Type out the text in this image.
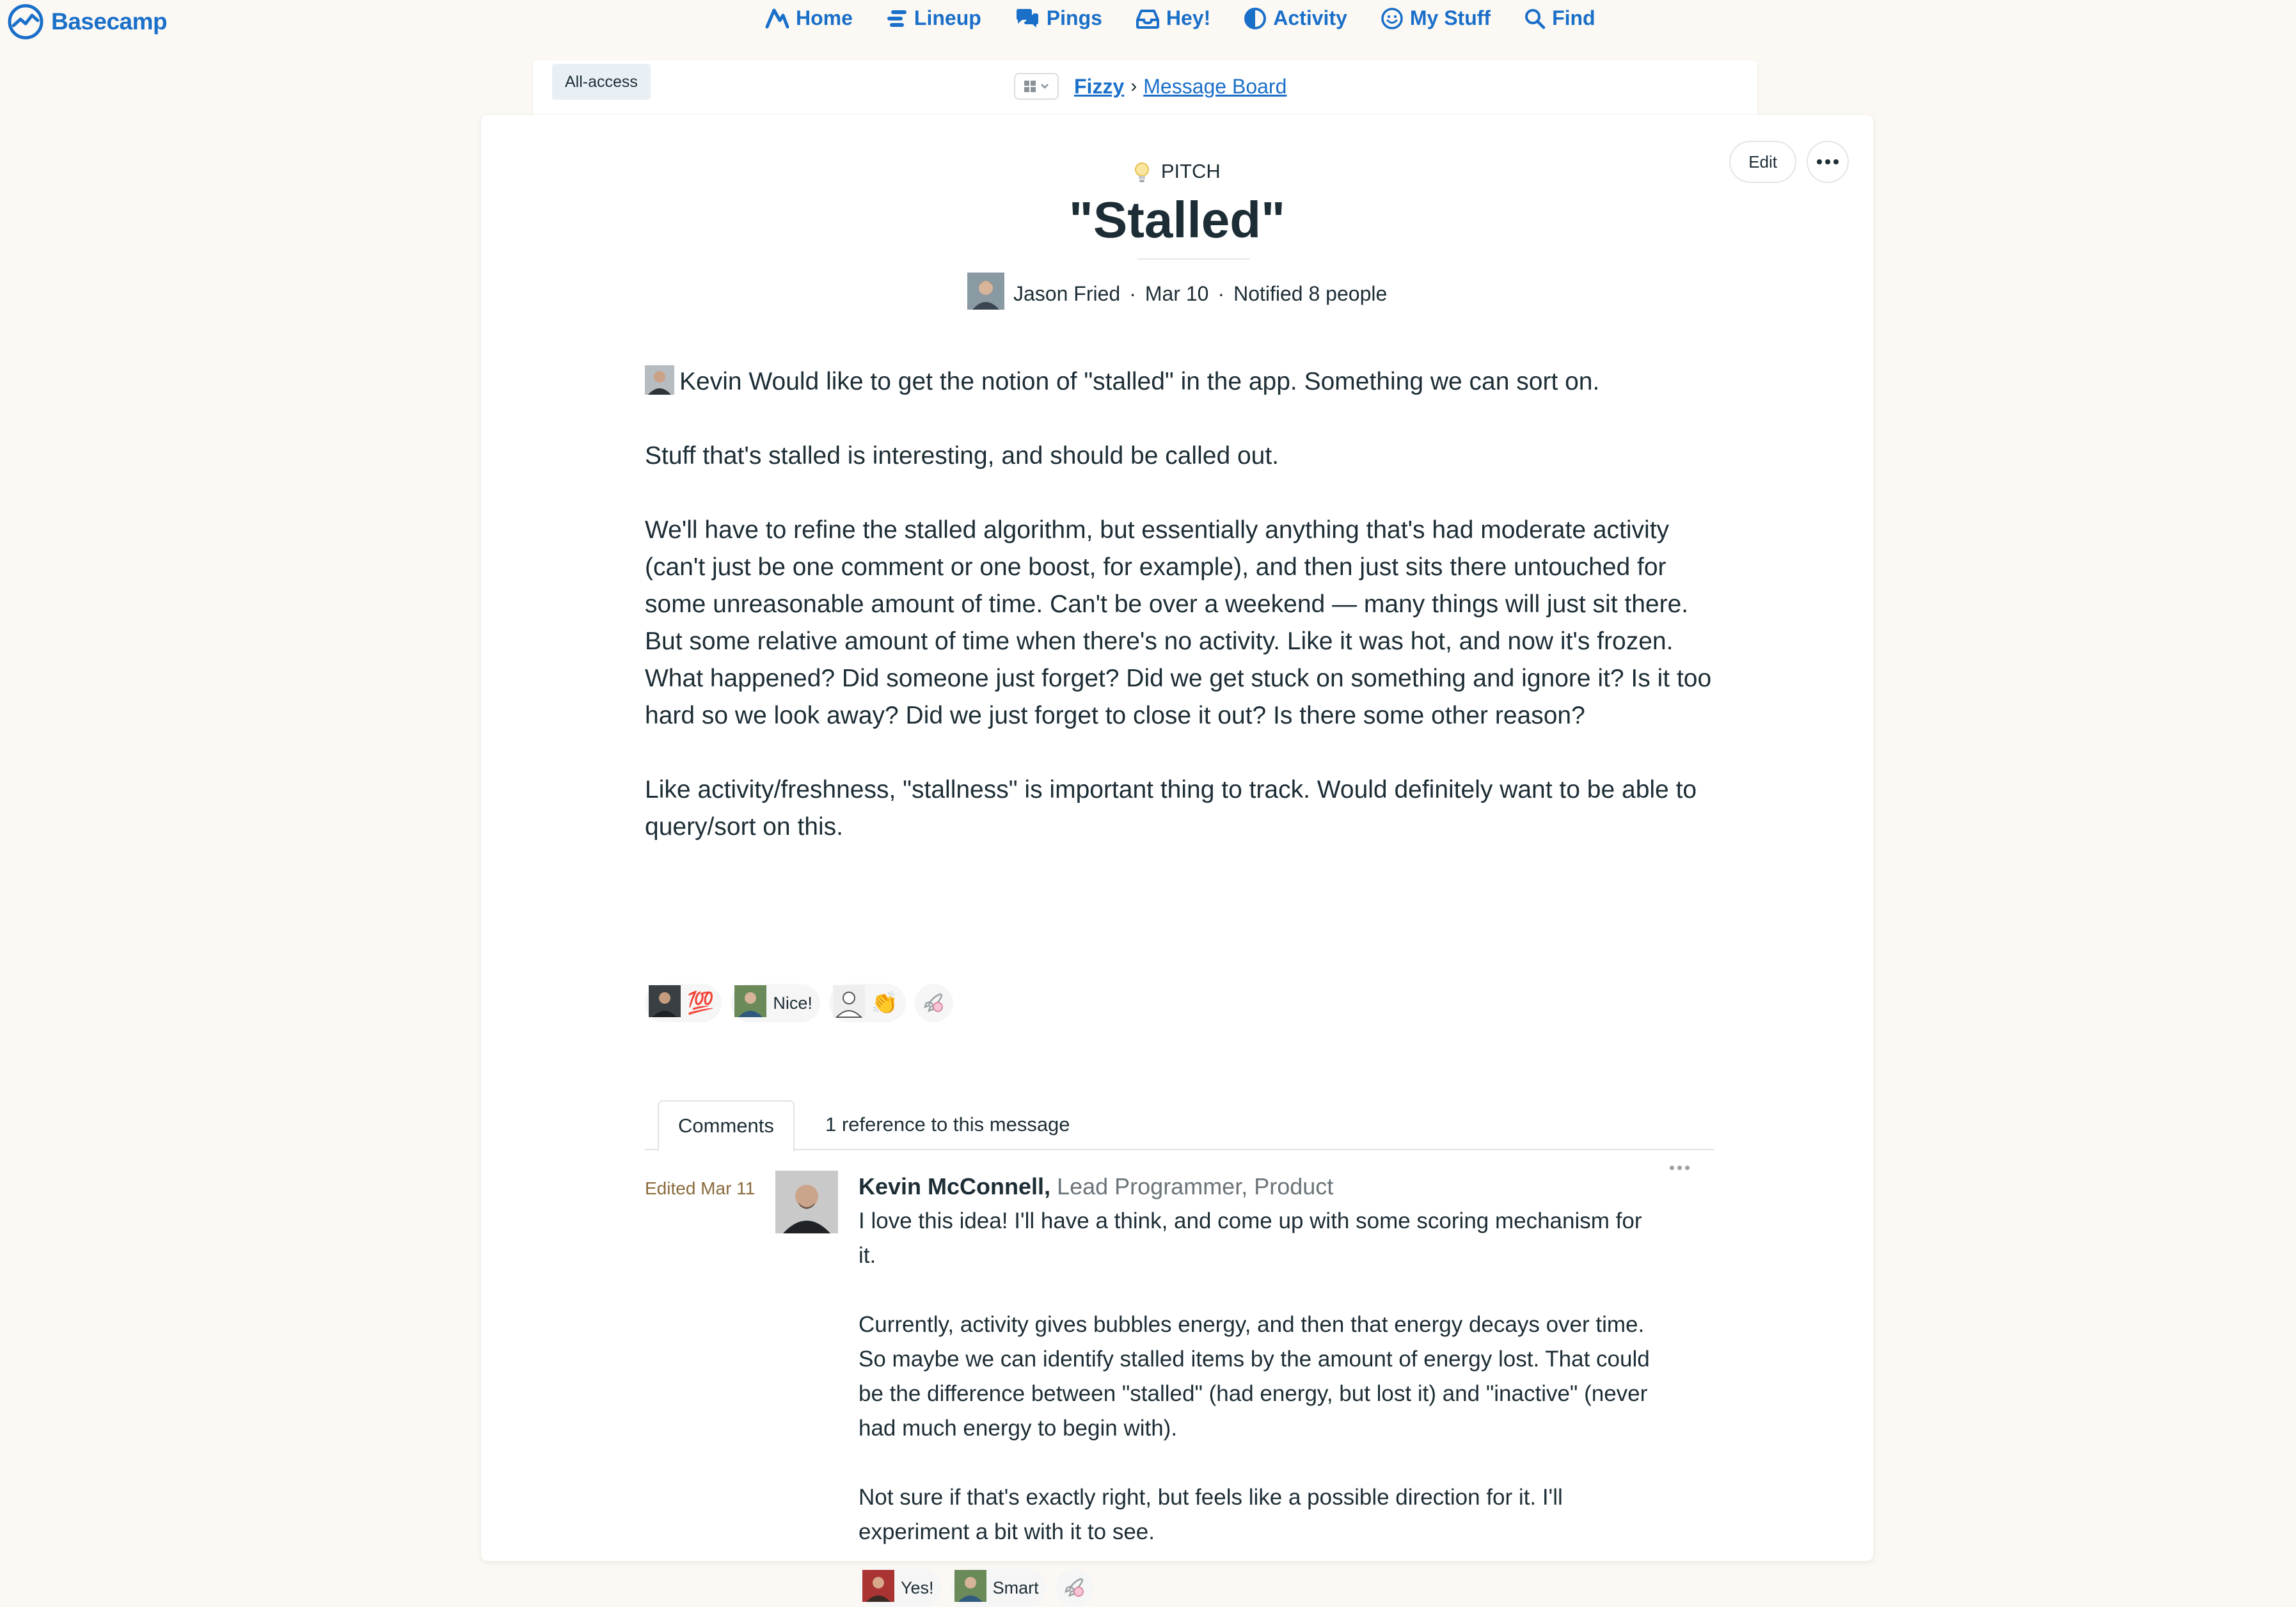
Basecamp	Home	Lineup	Pings	Hey!	Activity	My Stuff	Find
All-access	Fizzy › Message Board
Edit
PITCH
"Stalled"
Jason Fried · Mar 10 · Notified 8 people

Kevin Would like to get the notion of "stalled" in the app. Something we can sort on.

Stuff that's stalled is interesting, and should be called out.

We'll have to refine the stalled algorithm, but essentially anything that's had moderate activity (can't just be one comment or one boost, for example), and then just sits there untouched for some unreasonable amount of time. Can't be over a weekend — many things will just sit there. But some relative amount of time when there's no activity. Like it was hot, and now it's frozen. What happened? Did someone just forget? Did we get stuck on something and ignore it? Is it too hard so we look away? Did we just forget to close it out? Is there some other reason?

Like activity/freshness, "stallness" is important thing to track. Would definitely want to be able to query/sort on this.

💯	Nice!	👏
Comments	1 reference to this message
Edited Mar 11	Kevin McConnell, Lead Programmer, Product

I love this idea! I'll have a think, and come up with some scoring mechanism for it.

Currently, activity gives bubbles energy, and then that energy decays over time. So maybe we can identify stalled items by the amount of energy lost. That could be the difference between "stalled" (had energy, but lost it) and "inactive" (never had much energy to begin with).

Not sure if that's exactly right, but feels like a possible direction for it. I'll experiment a bit with it to see.

Yes!	Smart
